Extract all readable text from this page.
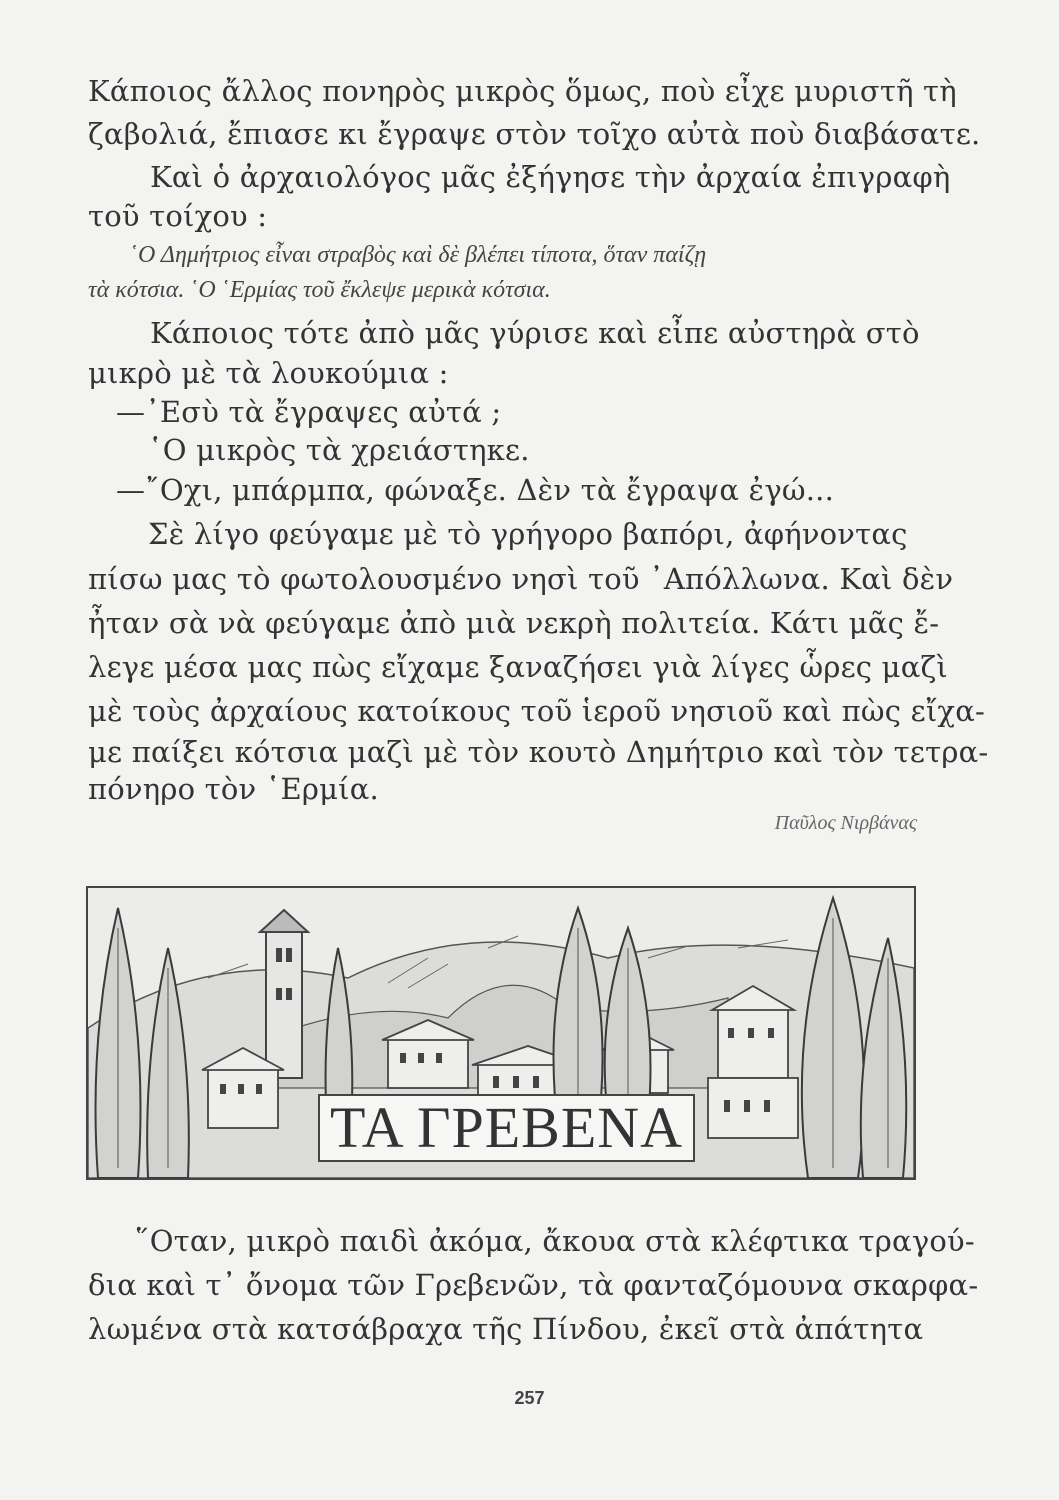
Κάποιος ἄλλος πονηρὸς μικρὸς ὅμως, ποὺ εἶχε μυριστῆ τὴ
ζαβολιά, ἔπιασε κι ἔγραψε στὸν τοῖχο αὐτὰ ποὺ διαβάσατε.
Καὶ ὁ ἀρχαιολόγος μᾶς ἐξήγησε τὴν ἀρχαία ἐπιγραφὴ
τοῦ τοίχου :
῾Ο Δημήτριος εἶναι στραβὸς καὶ δὲ βλέπει τίποτα, ὅταν παίζῃ
τὰ κότσια. ῾Ο ῾Ερμίας τοῦ ἔκλεψε μερικὰ κότσια.
Κάποιος τότε ἀπὸ μᾶς γύρισε καὶ εἶπε αὐστηρὰ στὸ
μικρὸ μὲ τὰ λουκούμια :
—᾿Εσὺ τὰ ἔγραψες αὐτά ;
῾Ο μικρὸς τὰ χρειάστηκε.
—῎Οχι, μπάρμπα, φώναξε. Δὲν τὰ ἔγραψα ἐγώ...
Σὲ λίγο φεύγαμε μὲ τὸ γρήγορο βαπόρι, ἀφήνοντας
πίσω μας τὸ φωτολουσμένο νησὶ τοῦ ᾿Απόλλωνα. Καὶ δὲν
ἦταν σὰ νὰ φεύγαμε ἀπὸ μιὰ νεκρὴ πολιτεία. Κάτι μᾶς ἔ-
λεγε μέσα μας πὼς εἴχαμε ξαναζήσει γιὰ λίγες ὧρες μαζὶ
μὲ τοὺς ἀρχαίους κατοίκους τοῦ ἱεροῦ νησιοῦ καὶ πὼς εἴχα-
με παίξει κότσια μαζὶ μὲ τὸν κουτὸ Δημήτριο καὶ τὸν τετρα-
πόνηρο τὸν ῾Ερμία.
Παῦλος Νιρβάνας
ΤΑ ΓΡΕΒΕΝΑ
῞Οταν, μικρὸ παιδὶ ἀκόμα, ἄκουα στὰ κλέφτικα τραγού-
δια καὶ τ᾿ ὄνομα τῶν Γρεβενῶν, τὰ φανταζόμουνα σκαρφα-
λωμένα στὰ κατσάβραχα τῆς Πίνδου, ἐκεῖ στὰ ἀπάτητα
257
